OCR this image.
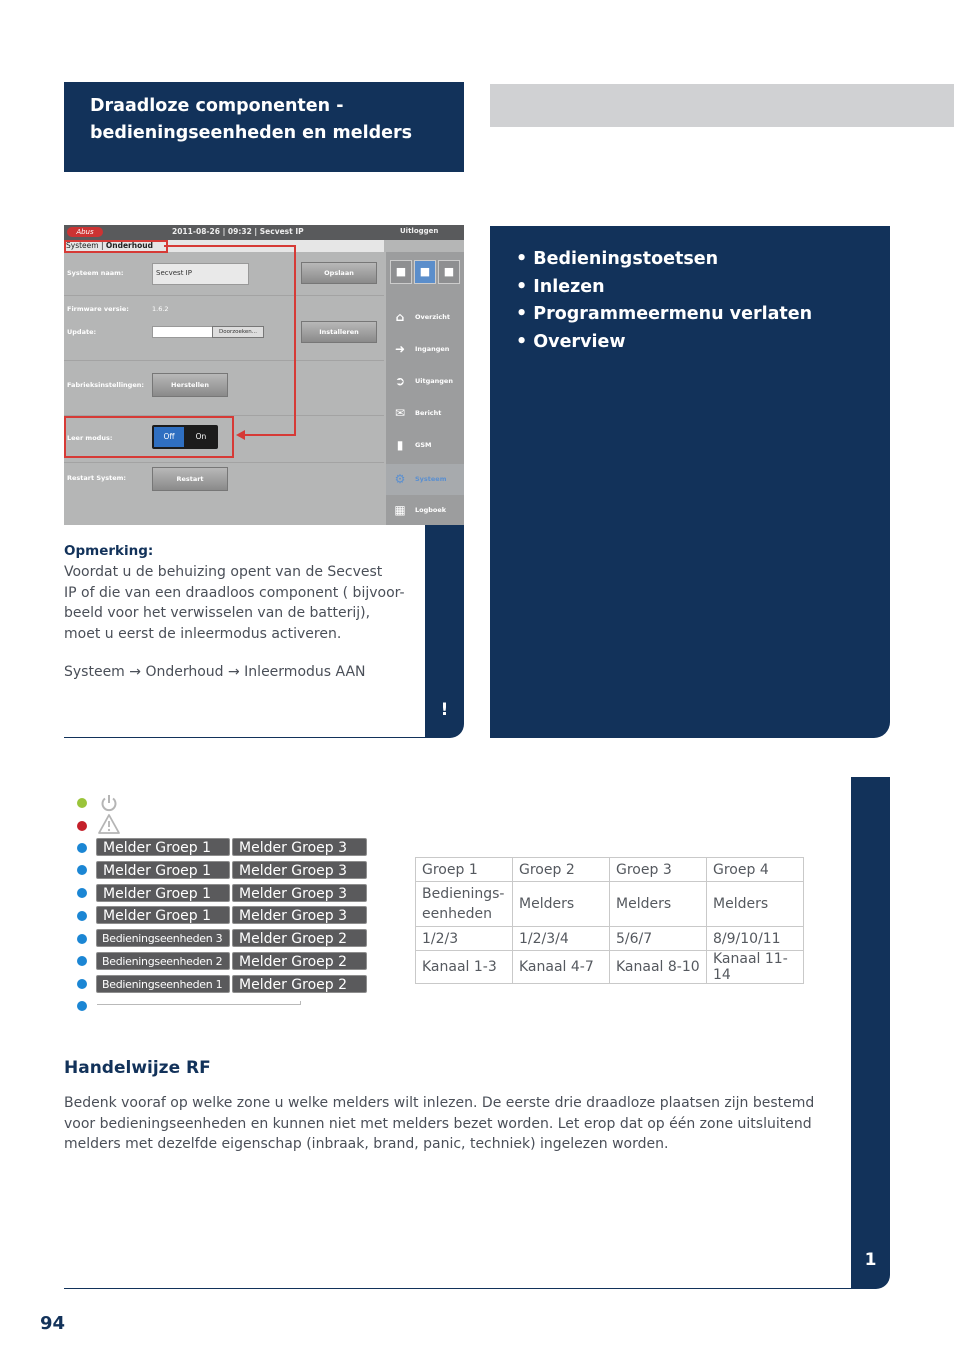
Draadloze componenten -
bedieningseenheden en melders
Abus	2011-08-26 | 09:32 | Secvest IP	Uitloggen
Systeem | Onderhoud
Systeem naam:	Secvest IP	Opslaan
Firmware versie:	1.6.2
Update:	Doorzoeken...	Installeren
Fabrieksinstellingen:	Herstellen
Leer modus:	Off	On
Restart System:	Restart
■	■	■
⌂	Overzicht
➜	Ingangen
➲	Uitgangen
✉	Bericht
▮	GSM
⚙	Systeem
▦	Logboek
Opmerking:
Voordat u de behuizing opent van de Secvest
IP of die van een draadloos component ( bijvoor-
beeld voor het verwisselen van de batterij),
moet u eerst de inleermodus activeren.
Systeem → Onderhoud → Inleermodus AAN
!
• Bedieningstoetsen
• Inlezen
• Programmeermenu verlaten
• Overview
1
Melder Groep 1	Melder Groep 3
Melder Groep 1	Melder Groep 3
Melder Groep 1	Melder Groep 3
Melder Groep 1	Melder Groep 3
Bedieningseenheden 3	Melder Groep 2
Bedieningseenheden 2	Melder Groep 2
Bedieningseenheden 1	Melder Groep 2
Groep 1	Groep 2	Groep 3	Groep 4
Bedienings-
eenheden	Melders	Melders	Melders
1/2/3	1/2/3/4	5/6/7	8/9/10/11
Kanaal 1-3	Kanaal 4-7	Kanaal 8-10	Kanaal 11-14
Handelwijze RF
Bedenk vooraf op welke zone u welke melders wilt inlezen. De eerste drie draadloze plaatsen zijn bestemd
voor bedieningseenheden en kunnen niet met melders bezet worden. Let erop dat op één zone uitsluitend
melders met dezelfde eigenschap (inbraak, brand, panic, techniek) ingelezen worden.
94
